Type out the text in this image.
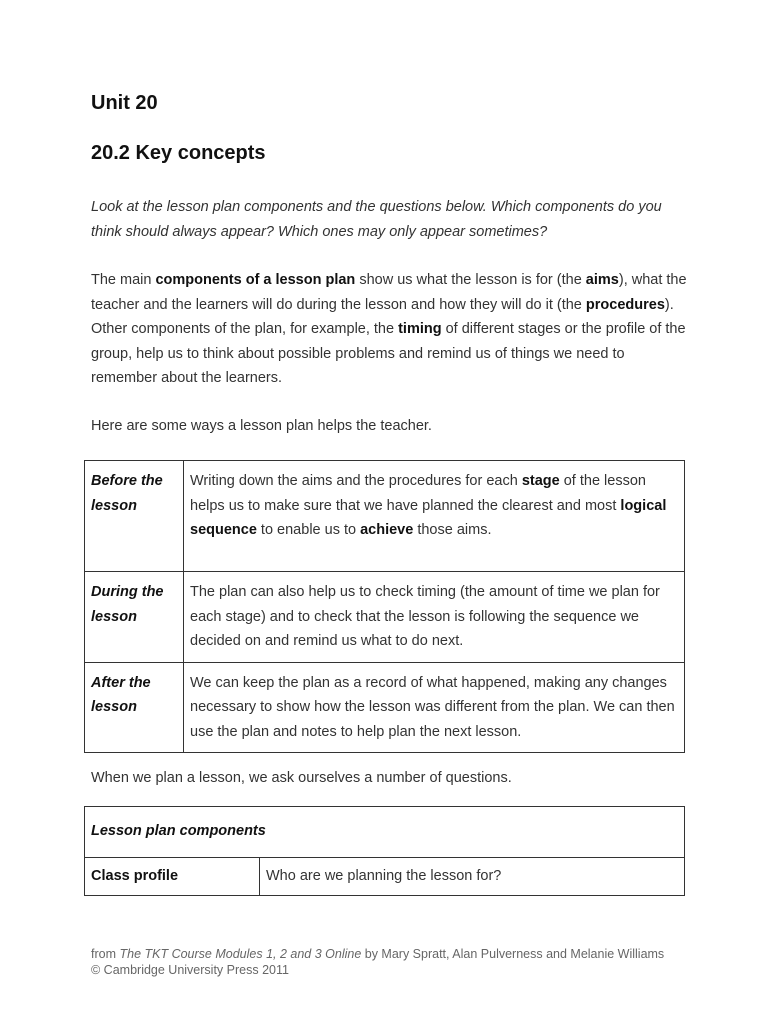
Unit 20
20.2 Key concepts

Look at the lesson plan components and the questions below. Which components do you think should always appear? Which ones may only appear sometimes?

The main components of a lesson plan show us what the lesson is for (the aims), what the teacher and the learners will do during the lesson and how they will do it (the procedures). Other components of the plan, for example, the timing of different stages or the profile of the group, help us to think about possible problems and remind us of things we need to remember about the learners.

Here are some ways a lesson plan helps the teacher.

Before the lesson	Writing down the aims and the procedures for each stage of the lesson helps us to make sure that we have planned the clearest and most logical sequence to enable us to achieve those aims.
During the lesson	The plan can also help us to check timing (the amount of time we plan for each stage) and to check that the lesson is following the sequence we decided on and remind us what to do next.
After the lesson	We can keep the plan as a record of what happened, making any changes necessary to show how the lesson was different from the plan. We can then use the plan and notes to help plan the next lesson.

When we plan a lesson, we ask ourselves a number of questions.

Lesson plan components
Class profile	Who are we planning the lesson for?

from The TKT Course Modules 1, 2 and 3 Online by Mary Spratt, Alan Pulverness and Melanie Williams
© Cambridge University Press 2011
